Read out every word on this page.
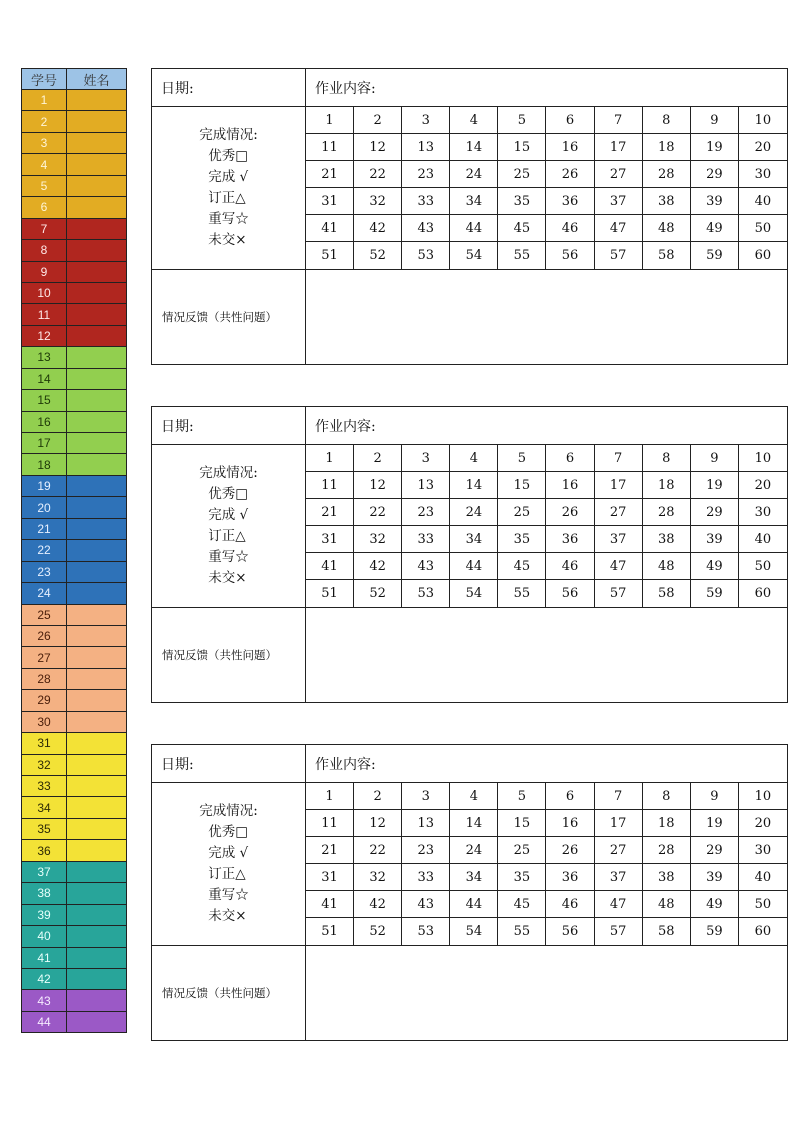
学号	姓名
1
2
3
4
5
6
7
8
9
10
11
12
13
14
15
16
17
18
19
20
21
22
23
24
25
26
27
28
29
30
31
32
33
34
35
36
37
38
39
40
41
42
43
44
日期:	作业内容:
完成情况:
优秀□
完成 √
订正△
重写☆
未交×
1	2	3	4	5	6	7	8	9	10
11	12	13	14	15	16	17	18	19	20
21	22	23	24	25	26	27	28	29	30
31	32	33	34	35	36	37	38	39	40
41	42	43	44	45	46	47	48	49	50
51	52	53	54	55	56	57	58	59	60
情况反馈（共性问题）
日期:	作业内容:
完成情况:
优秀□
完成 √
订正△
重写☆
未交×
1	2	3	4	5	6	7	8	9	10
11	12	13	14	15	16	17	18	19	20
21	22	23	24	25	26	27	28	29	30
31	32	33	34	35	36	37	38	39	40
41	42	43	44	45	46	47	48	49	50
51	52	53	54	55	56	57	58	59	60
情况反馈（共性问题）
日期:	作业内容:
完成情况:
优秀□
完成 √
订正△
重写☆
未交×
1	2	3	4	5	6	7	8	9	10
11	12	13	14	15	16	17	18	19	20
21	22	23	24	25	26	27	28	29	30
31	32	33	34	35	36	37	38	39	40
41	42	43	44	45	46	47	48	49	50
51	52	53	54	55	56	57	58	59	60
情况反馈（共性问题）
